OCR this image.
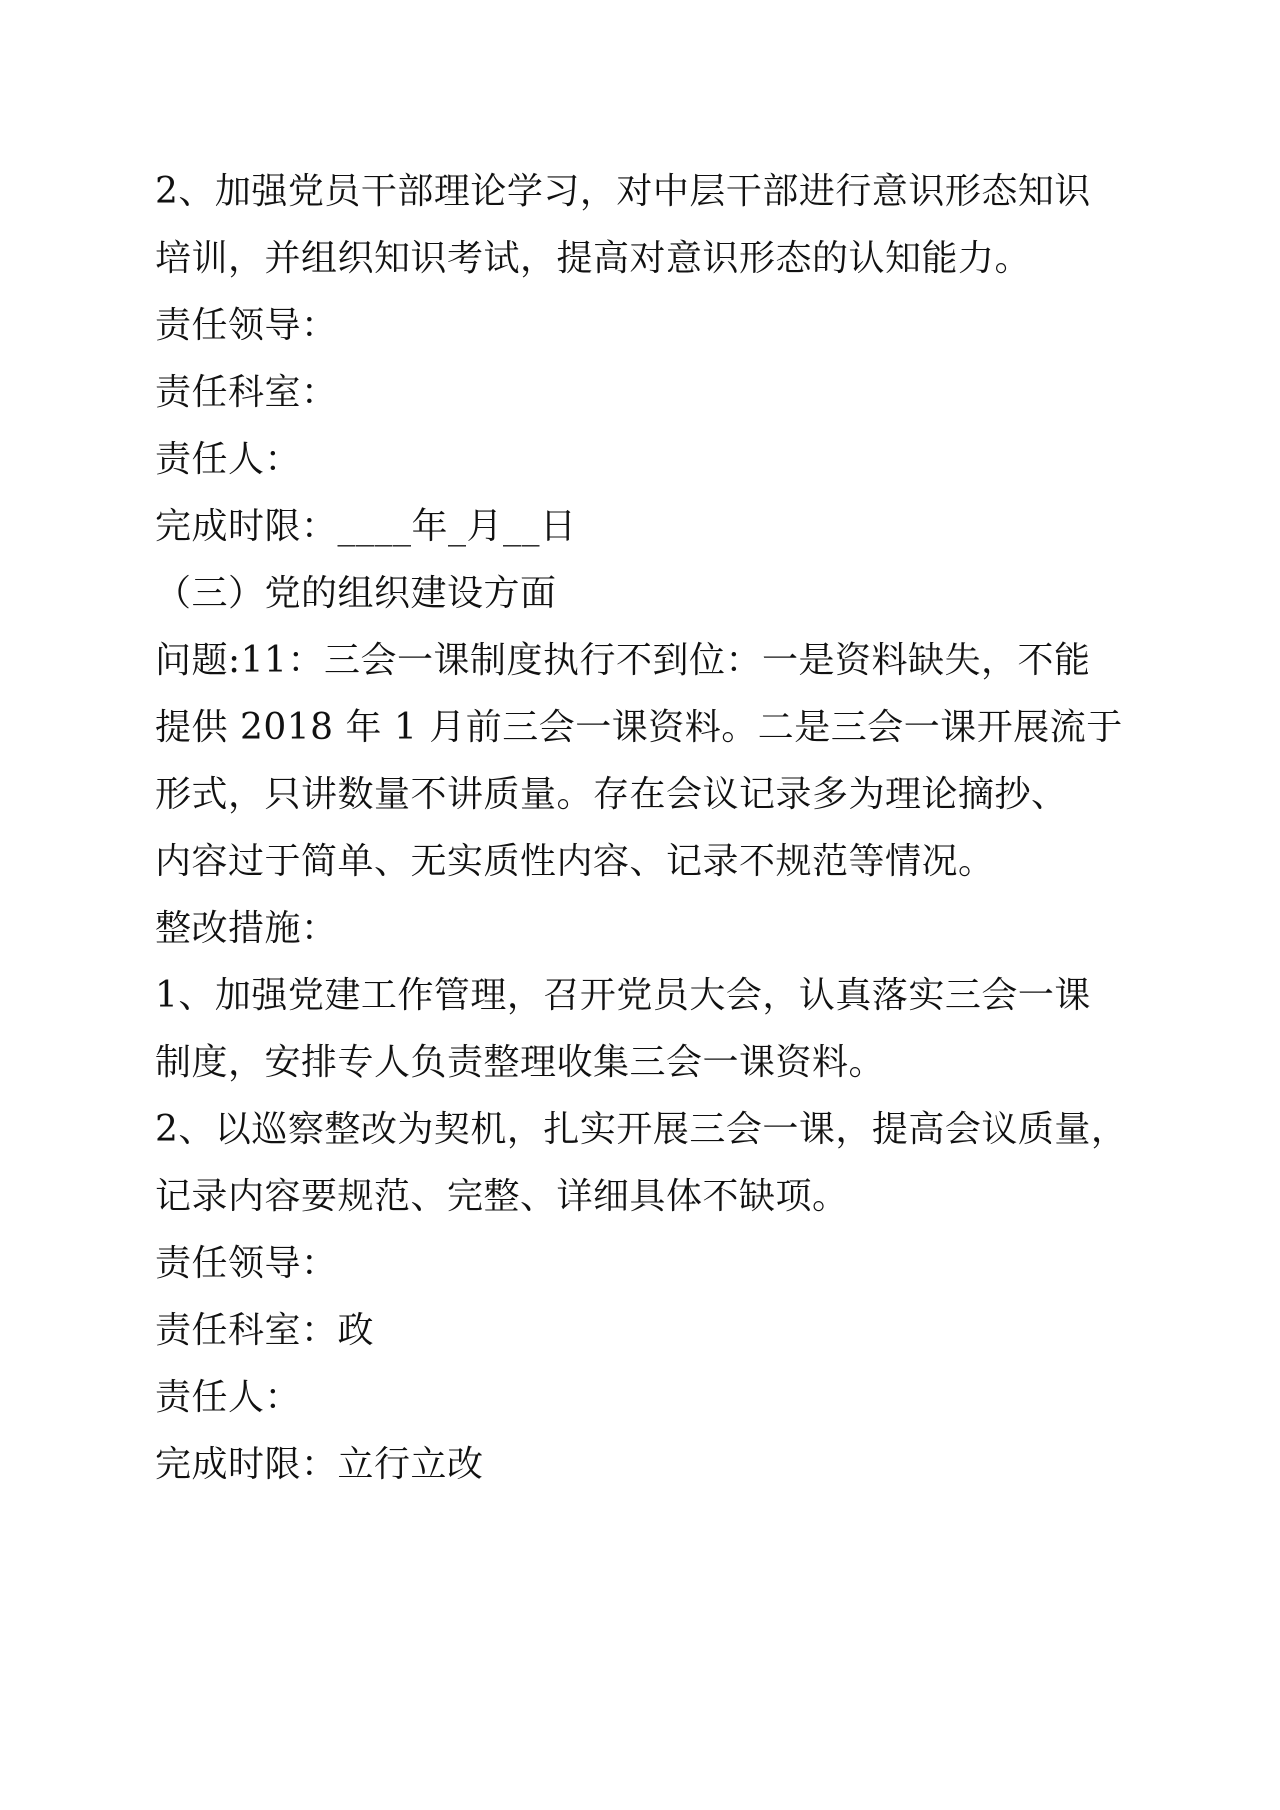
2、加强党员干部理论学习，对中层干部进行意识形态知识
培训，并组织知识考试，提高对意识形态的认知能力。
责任领导：
责任科室：
责任人：
完成时限：____年_月__日
（三）党的组织建设方面
问题:11：三会一课制度执行不到位：一是资料缺失，不能
提供 2018 年 1 月前三会一课资料。二是三会一课开展流于
形式，只讲数量不讲质量。存在会议记录多为理论摘抄、
内容过于简单、无实质性内容、记录不规范等情况。
整改措施：
1、加强党建工作管理，召开党员大会，认真落实三会一课
制度，安排专人负责整理收集三会一课资料。
2、以巡察整改为契机，扎实开展三会一课，提高会议质量，
记录内容要规范、完整、详细具体不缺项。
责任领导：
责任科室：政
责任人：
完成时限：立行立改
